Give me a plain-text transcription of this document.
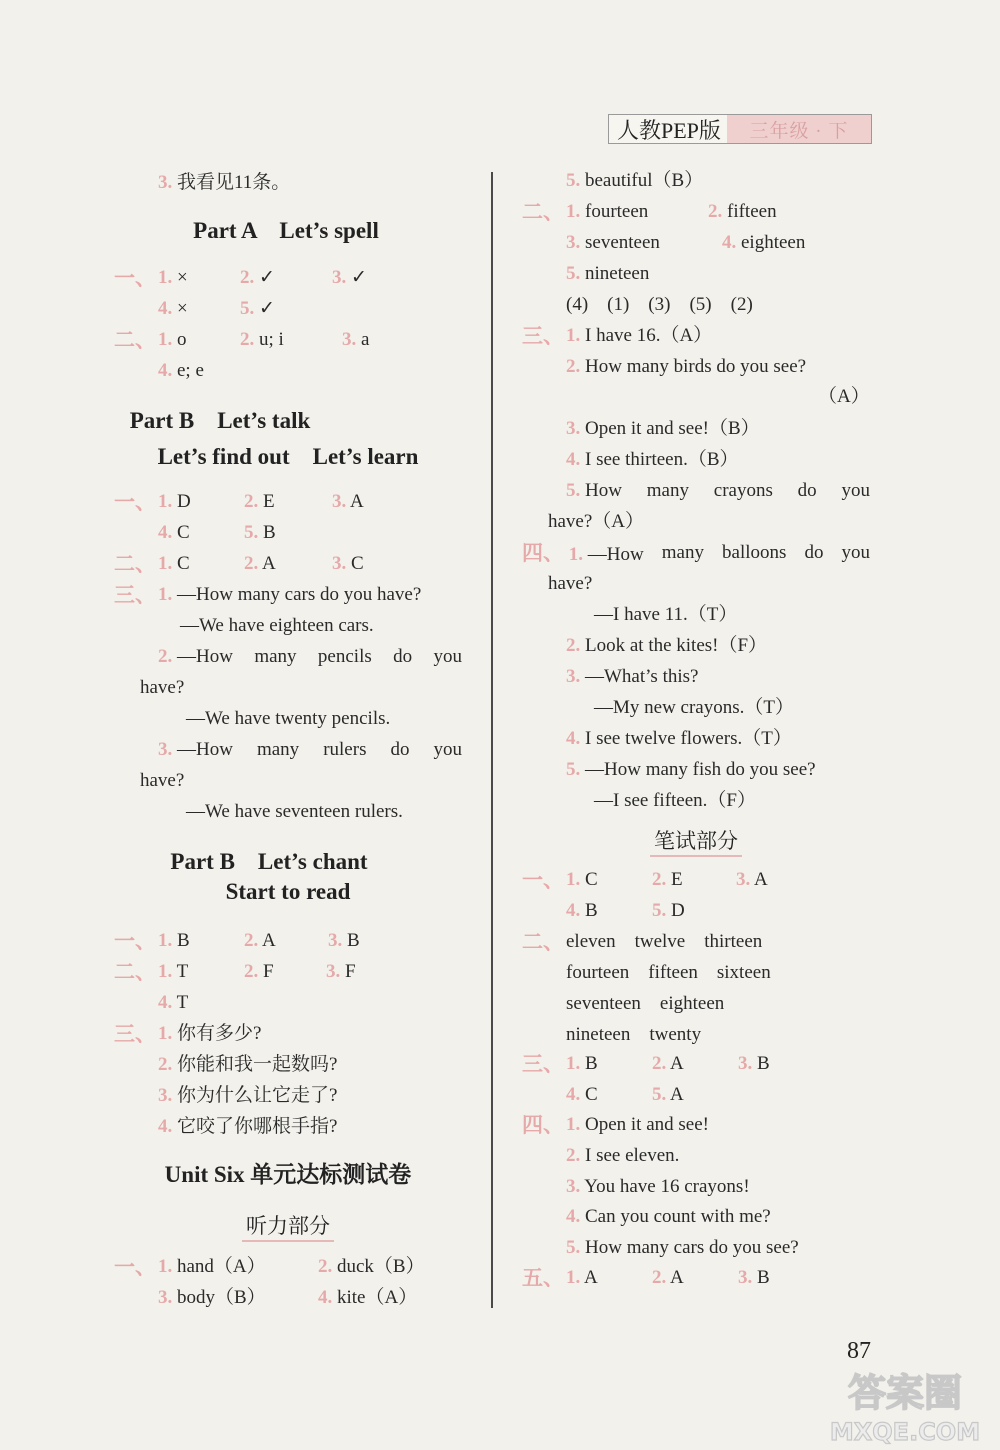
人教PEP版	三年级 · 下
3. 我看见11条。
Part A　Let’s spell
一、 1. ×	2. ✓	3. ✓
4. ×	5. ✓
二、 1. o	2. u; i	3. a
4. e; e
Part B　Let’s talk
Let’s find out　Let’s learn
一、 1. D	2. E	3. A
4. C	5. B
二、 1. C	2. A	3. C
三、 1. —How many cars do you have?
—We have eighteen cars.
2. —How many pencils do you
have?
—We have twenty pencils.
3. —How many rulers do you
have?
—We have seventeen rulers.
Part B　Let’s chant
Start to read
一、 1. B	2. A	3. B
二、 1. T	2. F	3. F
4. T
三、 1. 你有多少?
2. 你能和我一起数吗?
3. 你为什么让它走了?
4. 它咬了你哪根手指?
Unit Six 单元达标测试卷
听力部分
一、 1. hand（A）	2. duck（B）
3. body（B）	4. kite（A）
5. beautiful（B）
二、 1. fourteen	2. fifteen
3. seventeen	4. eighteen
5. nineteen
(4)　(1)　(3)　(5)　(2)
三、 1. I have 16.（A）
2. How many birds do you see?
（A）
3. Open it and see!（B）
4. I see thirteen.（B）
5. How many crayons do you
have?（A）
四、 1. —How many balloons do you
have?
—I have 11.（T）
2. Look at the kites!（F）
3. —What’s this?
—My new crayons.（T）
4. I see twelve flowers.（T）
5. —How many fish do you see?
—I see fifteen.（F）
笔试部分
一、 1. C	2. E	3. A
4. B	5. D
二、 eleven　twelve　thirteen
fourteen　fifteen　sixteen
seventeen　eighteen
nineteen　twenty
三、 1. B	2. A	3. B
4. C	5. A
四、 1. Open it and see!
2. I see eleven.
3. You have 16 crayons!
4. Can you count with me?
5. How many cars do you see?
五、 1. A	2. A	3. B
87
答案圈
MXQE.COM
